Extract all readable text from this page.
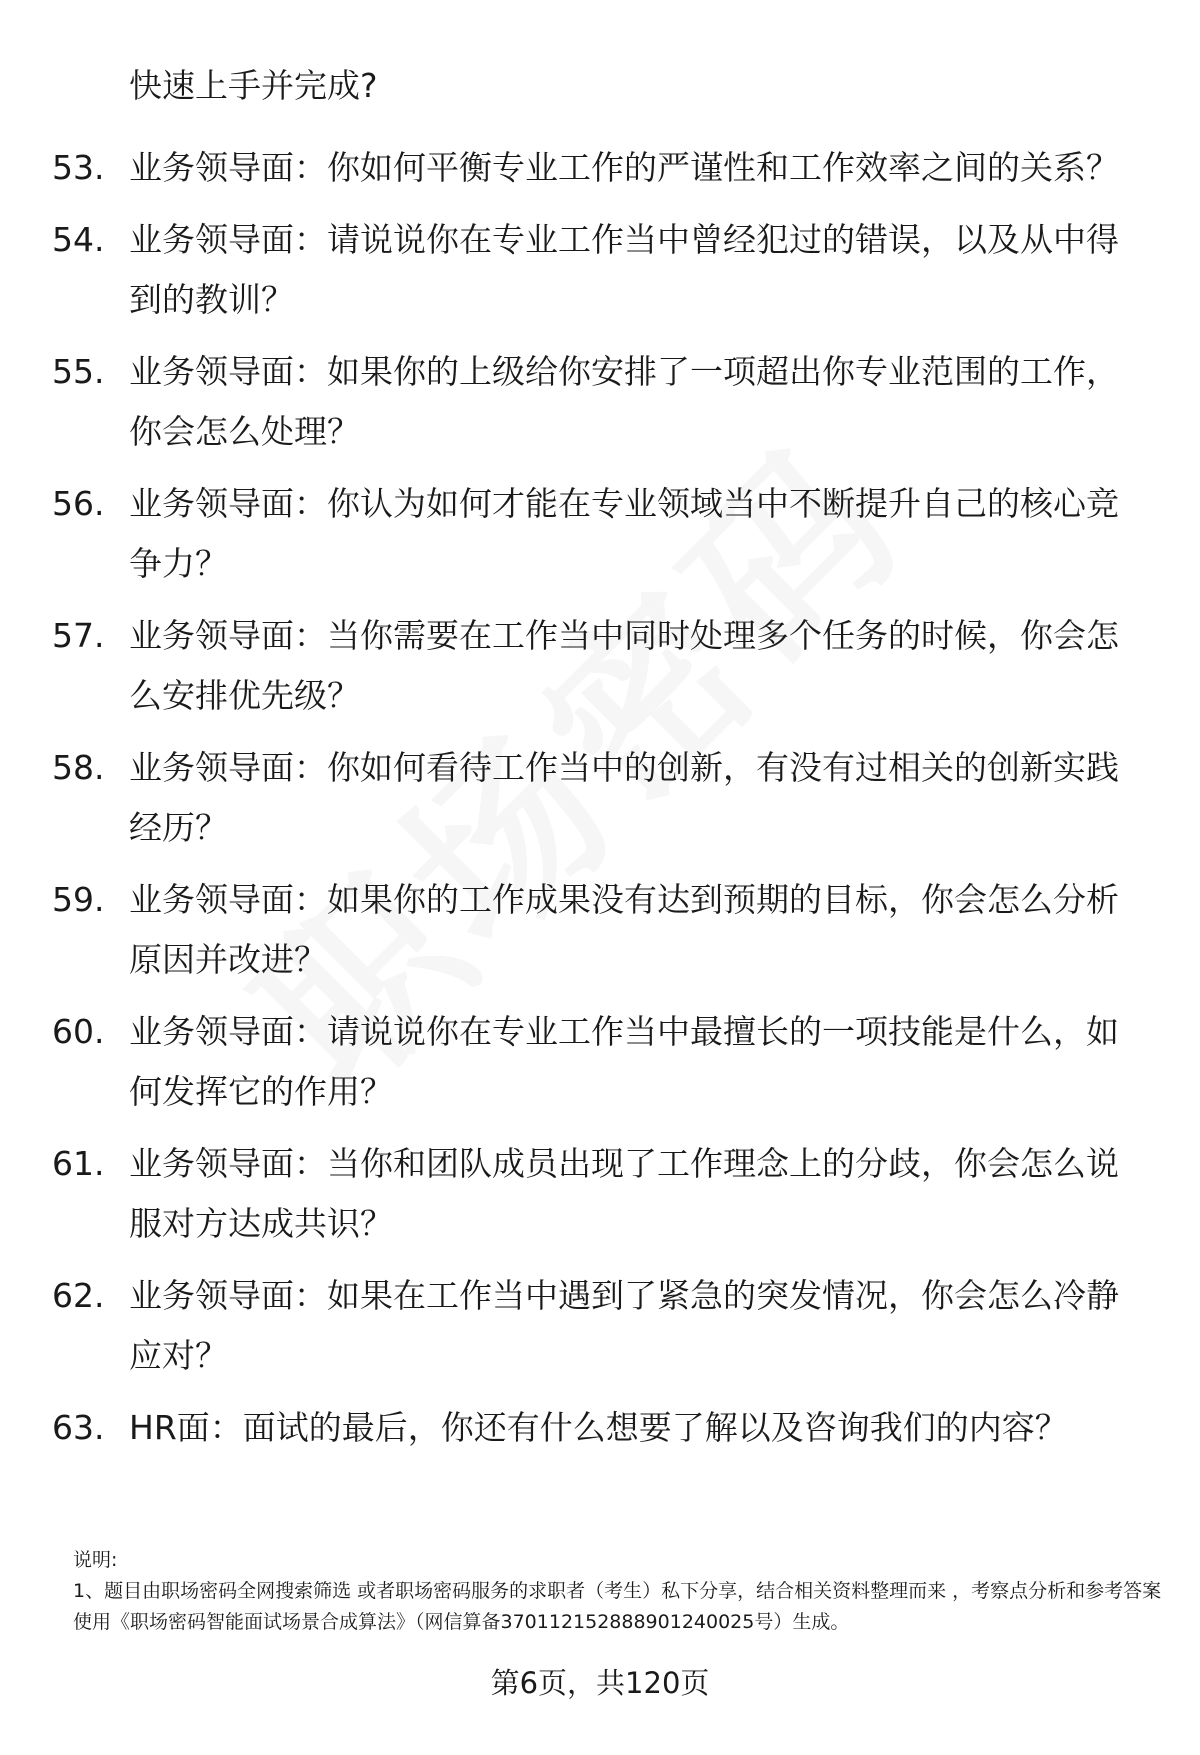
快速上手并完成?
53. 业务领导面：你如何平衡专业工作的严谨性和工作效率之间的关系？
54. 业务领导面：请说说你在专业工作当中曾经犯过的错误，以及从中得到的教训？
55. 业务领导面：如果你的上级给你安排了一项超出你专业范围的工作，你会怎么处理？
56. 业务领导面：你认为如何才能在专业领域当中不断提升自己的核心竞争力？
57. 业务领导面：当你需要在工作当中同时处理多个任务的时候，你会怎么安排优先级？
58. 业务领导面：你如何看待工作当中的创新，有没有过相关的创新实践经历？
59. 业务领导面：如果你的工作成果没有达到预期的目标，你会怎么分析原因并改进？
60. 业务领导面：请说说你在专业工作当中最擅长的一项技能是什么，如何发挥它的作用？
61. 业务领导面：当你和团队成员出现了工作理念上的分歧，你会怎么说服对方达成共识？
62. 业务领导面：如果在工作当中遇到了紧急的突发情况，你会怎么冷静应对？
63. HR面：面试的最后，你还有什么想要了解以及咨询我们的内容？
说明:
1、题目由职场密码全网搜索筛选 或者职场密码服务的求职者（考生）私下分享，结合相关资料整理而来 ，考察点分析和参考答案使用《职场密码智能面试场景合成算法》（网信算备370112152888901240025号）生成。
第6页，共120页
